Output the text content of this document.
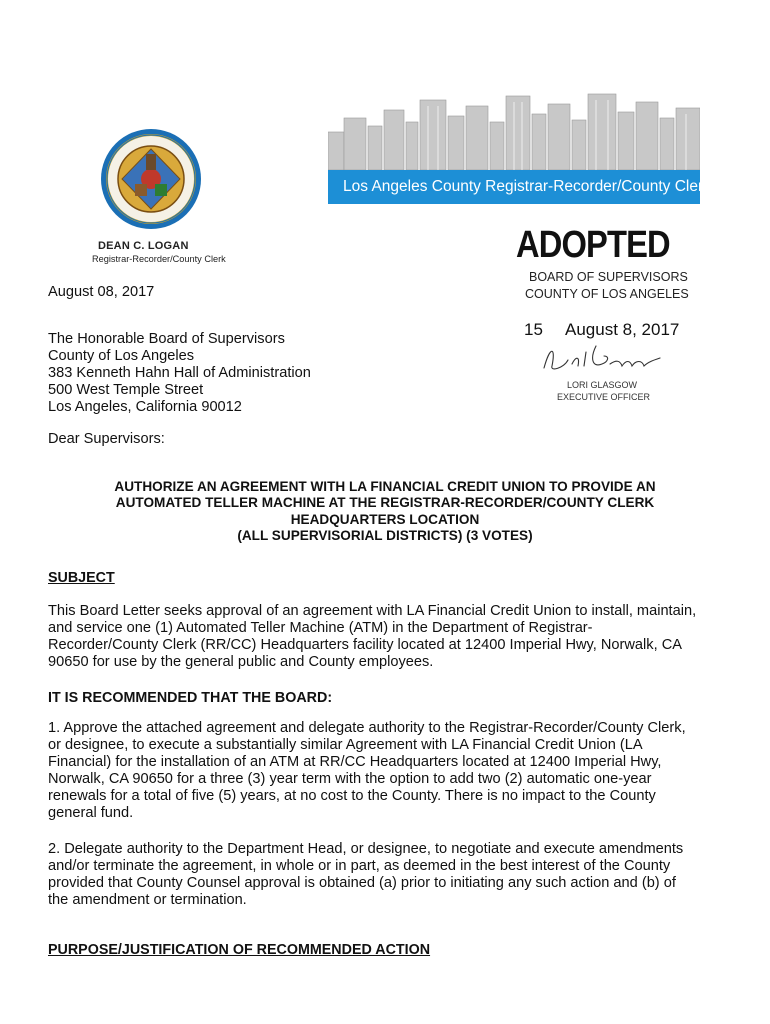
Los Angeles County Registrar-Recorder/County Clerk
DEAN C. LOGAN
Registrar-Recorder/County Clerk	ADOPTED
BOARD OF SUPERVISORS
COUNTY OF LOS ANGELES
15 August 8, 2017
LORI GLASGOW
EXECUTIVE OFFICER
August 08, 2017
The Honorable Board of Supervisors
County of Los Angeles
383 Kenneth Hahn Hall of Administration
500 West Temple Street
Los Angeles, California 90012
Dear Supervisors:
AUTHORIZE AN AGREEMENT WITH LA FINANCIAL CREDIT UNION TO PROVIDE AN
AUTOMATED TELLER MACHINE AT THE REGISTRAR-RECORDER/COUNTY CLERK
HEADQUARTERS LOCATION
(ALL SUPERVISORIAL DISTRICTS) (3 VOTES)
SUBJECT
This Board Letter seeks approval of an agreement with LA Financial Credit Union to install, maintain,
and service one (1) Automated Teller Machine (ATM) in the Department of Registrar-
Recorder/County Clerk (RR/CC) Headquarters facility located at 12400 Imperial Hwy, Norwalk, CA
90650 for use by the general public and County employees.
IT IS RECOMMENDED THAT THE BOARD:
1. Approve the attached agreement and delegate authority to the Registrar-Recorder/County Clerk,
or designee, to execute a substantially similar Agreement with LA Financial Credit Union (LA
Financial) for the installation of an ATM at RR/CC Headquarters located at 12400 Imperial Hwy,
Norwalk, CA 90650 for a three (3) year term with the option to add two (2) automatic one-year
renewals for a total of five (5) years, at no cost to the County. There is no impact to the County
general fund.
2. Delegate authority to the Department Head, or designee, to negotiate and execute amendments
and/or terminate the agreement, in whole or in part, as deemed in the best interest of the County
provided that County Counsel approval is obtained (a) prior to initiating any such action and (b) of
the amendment or termination.
PURPOSE/JUSTIFICATION OF RECOMMENDED ACTION
